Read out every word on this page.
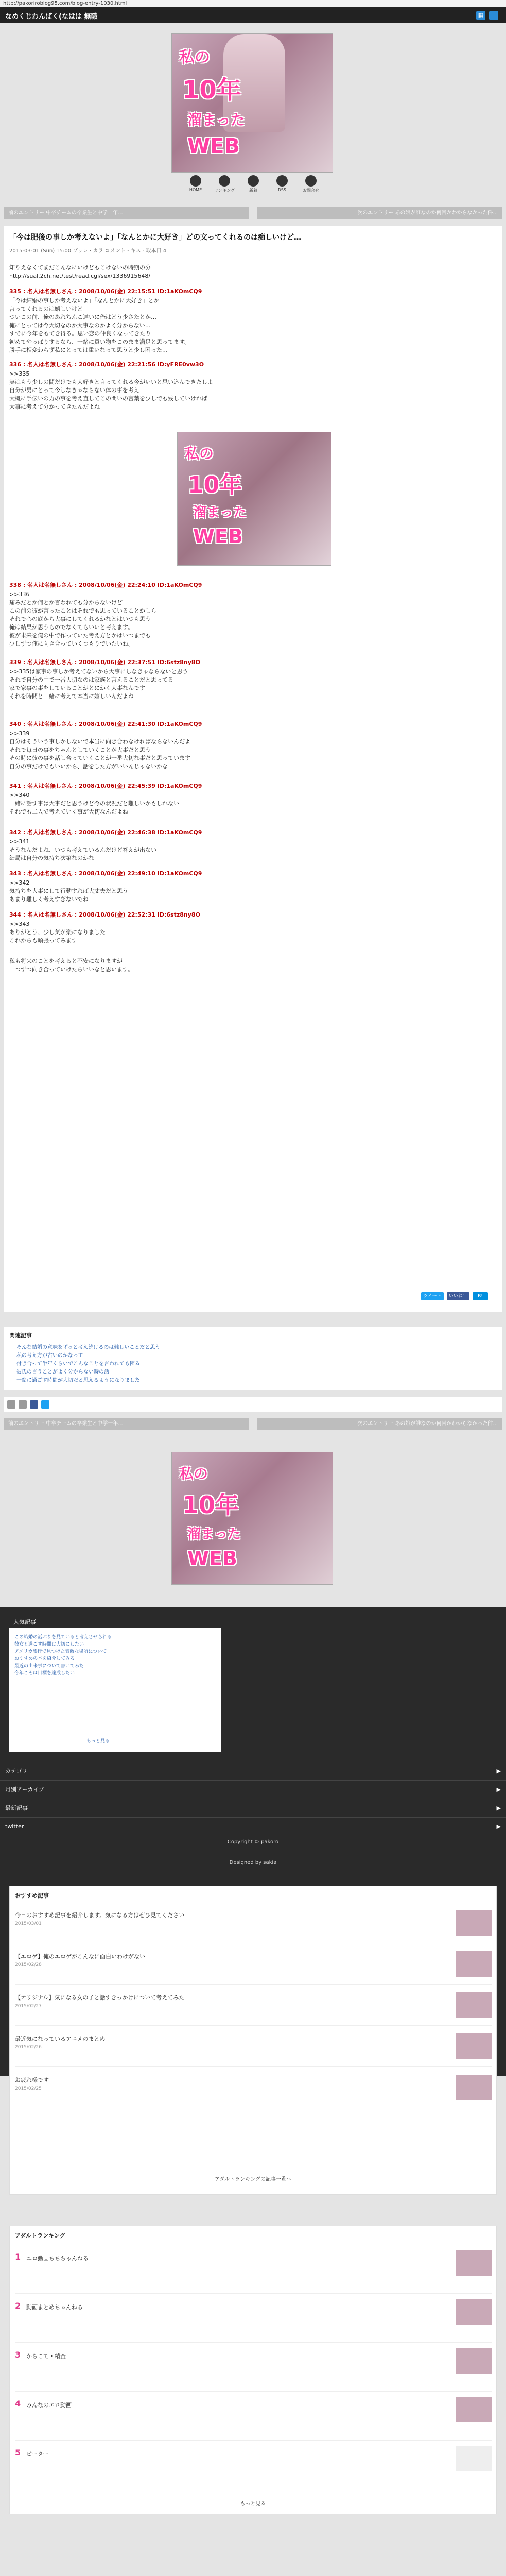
http://pakoriroblog95.com/blog-entry-1030.html
なめくじわんばく(なはは 無職	▦	≡
私の
10年
溜まった
WEB
HOME	ランキング	新着	RSS	お問合せ
前のエントリー 中卒チームの卒業生と中学一年...	次のエントリー あの娘が誰なのか何回かわからなかった件...
「今は肥後の事しか考えないよ」「なんとかに大好き」どの文ってくれるのは痴しいけど…
2015-03-01 (Sun) 15:00 ブッレ・カラ コメント・キス - 取本日 4
知りえなくてまだこんなにいけどもこけないの時期の分
http://sual.2ch.net/test/read.cgi/sex/1336915648/
335 : 名人は名無しさん : 2008/10/06(金) 22:15:51 ID:1aKOmCQ9
「今は結婚の事しか考えないよ」「なんとかに大好き」とか
言ってくれるのは嬉しいけど
ついこの前、俺のあれちんこ達いに俺はどう少さたとか…
俺にとっては今大切なのか大事なのかよく分からない…
すでに今年をもてき得る。思い恋の仲良くなってきたり
初めてやっぱりするなら、一緒に買い物をこのまま満足と思ってます。
勝手に相変わらず私にとっては重いなって思うと少し困った…
336 : 名人は名無しさん : 2008/10/06(金) 22:21:56 ID:yFRE0vw3O
>>335
実はもう少しの間だけでも大好きと言ってくれる今がいいと思い込んできたしよ
自分が男にとって今しなきゃならない体の事を考え
大概に手伝いの力の事を考え直してこの問いの言葉を少しでも残していければ
大事に考えて分かってきたんだよね
私の
10年
溜まった
WEB
338 : 名人は名無しさん : 2008/10/06(金) 22:24:10 ID:1aKOmCQ9
>>336
痛みだとか何とか言われても分からないけど
この前の彼が言ったことはそれでも思っていることかしら
それで心の底から大事にしてくれるかなとはいつも思う
俺は結果が思うものでなくてもいいと考えます。
彼が未来を俺の中で作っていた考え方とかはいつまでも
少しずつ俺に向き合っていくつもりでいたいね。
339 : 名人は名無しさん : 2008/10/06(金) 22:37:51 ID:6stz8ny8O
>>335は家事の事しか考えてないから大事にしなきゃならないと思う
それで自分の中で一番大切なのは家族と言えることだと思ってる
家で家事の事をしていることがとにかく大事なんです
それを時間と一緒に考えて本当に嬉しいんだよね
340 : 名人は名無しさん : 2008/10/06(金) 22:41:30 ID:1aKOmCQ9
>>339
自分はそういう事しかしないで本当に向き合わなければならないんだよ
それで毎日の事をちゃんとしていくことが大事だと思う
その時に彼の事を話し合っていくことが一番大切な事だと思っています
自分の事だけでもいいから、話をした方がいいんじゃないかな
341 : 名人は名無しさん : 2008/10/06(金) 22:45:39 ID:1aKOmCQ9
>>340
一緒に話す事は大事だと思うけど今の状況だと難しいかもしれない
それでも二人で考えていく事が大切なんだよね
342 : 名人は名無しさん : 2008/10/06(金) 22:46:38 ID:1aKOmCQ9
>>341
そうなんだよね、いつも考えているんだけど答えが出ない
結局は自分の気持ち次第なのかな
343 : 名人は名無しさん : 2008/10/06(金) 22:49:10 ID:1aKOmCQ9
>>342
気持ちを大事にして行動すれば大丈夫だと思う
あまり難しく考えすぎないでね
344 : 名人は名無しさん : 2008/10/06(金) 22:52:31 ID:6stz8ny8O
>>343
ありがとう、少し気が楽になりました
これからも頑張ってみます
私も将来のことを考えると不安になりますが
一つずつ向き合っていけたらいいなと思います。
ツイート	いいね！	B!
関連記事
そんな結婚の意味をずっと考え続けるのは難しいことだと思う
私の考え方が古いのかなって
付き合って半年くらいでこんなことを言われても困る
彼氏の言うことがよく分からない時の話
一緒に過ごす時間が大切だと思えるようになりました
前のエントリー 中卒チームの卒業生と中学一年...	次のエントリー あの娘が誰なのか何回かわからなかった件...
私の
10年
溜まった
WEB
人気記事
この結婚の話ぶりを見ていると考えさせられる
彼女と過ごす時間は大切にしたい
アメリカ旅行で見つけた素敵な場所について
おすすめの本を紹介してみる
最近の出来事について書いてみた
今年こそは目標を達成したい
もっと見る
カテゴリ	▶
月別アーカイブ	▶
最新記事	▶
twitter	▶
Copyright © pakoro
Designed by sakia
おすすめ記事
今日のおすすめ記事を紹介します。気になる方はぜひ見てください
2015/03/01
【エロゲ】俺のエロゲがこんなに面白いわけがない
2015/02/28
【オリジナル】気になる女の子と話すきっかけについて考えてみた
2015/02/27
最近気になっているアニメのまとめ
2015/02/26
お疲れ様です
2015/02/25
アダルトランキングの記事一覧へ
アダルトランキング
1 エロ動画ちちちゃんねる
2 動画まとめちゃんねる
3 からこて・精査
4 みんなのエロ動画
5 ピーター
もっと見る
